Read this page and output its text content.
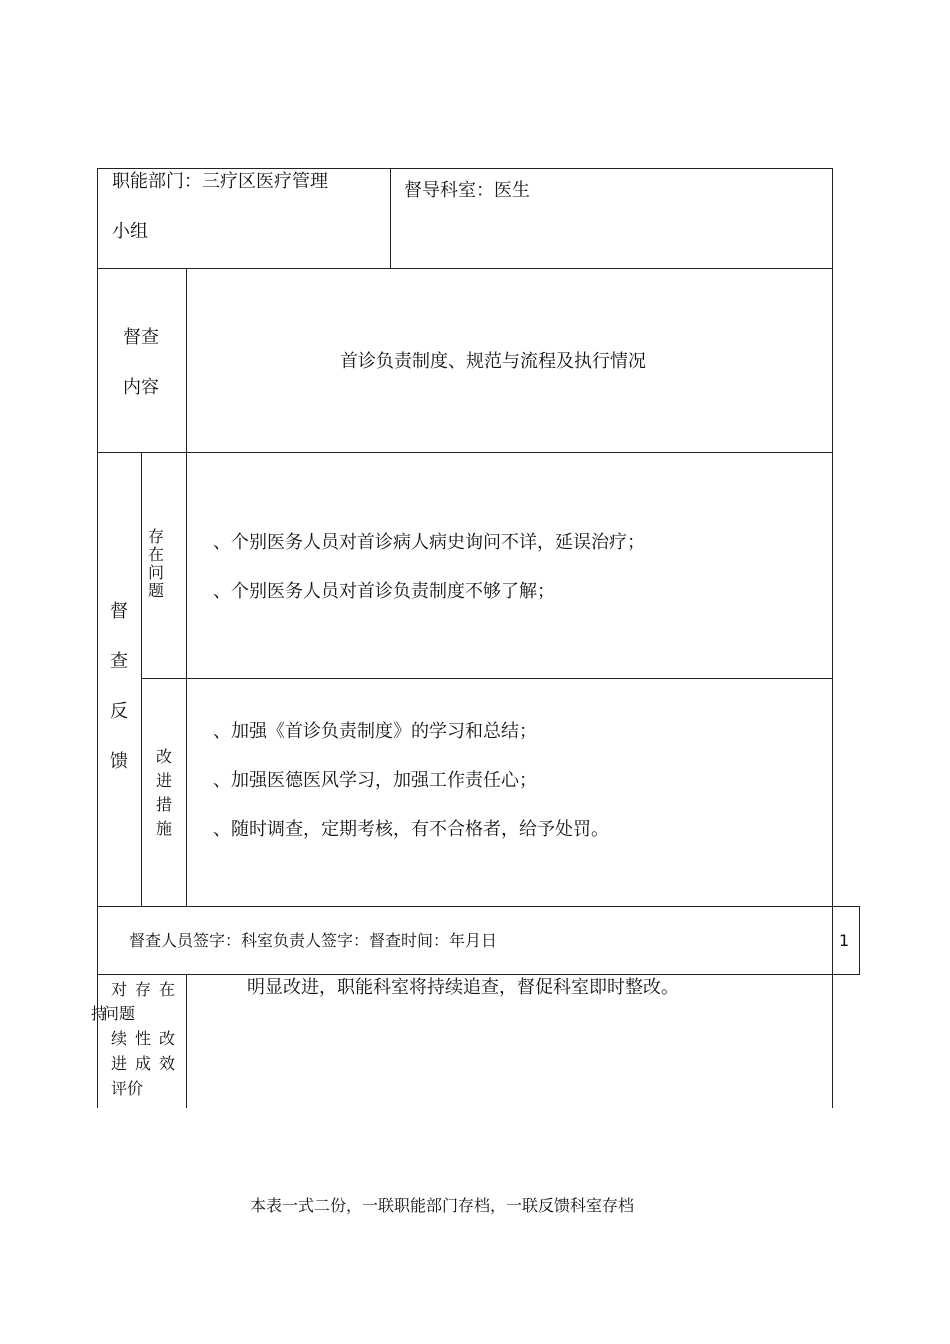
职能部门：三疗区医疗管理
小组
督导科室：医生
督查
内容
首诊负责制度、规范与流程及执行情况
督查反馈
存在问题
、个别医务人员对首诊病人病史询问不详，延误治疗；
、个别医务人员对首诊负责制度不够了解；
改进措施
、加强《首诊负责制度》的学习和总结；
、加强医德医风学习，加强工作责任心；
、随时调查，定期考核，有不合格者，给予处罚。
督查人员签字：科室负责人签字：督查时间：年月日	1
对存在
持
问题
续性改
进成效
评价
明显改进，职能科室将持续追查，督促科室即时整改。
本表一式二份，一联职能部门存档，一联反馈科室存档
